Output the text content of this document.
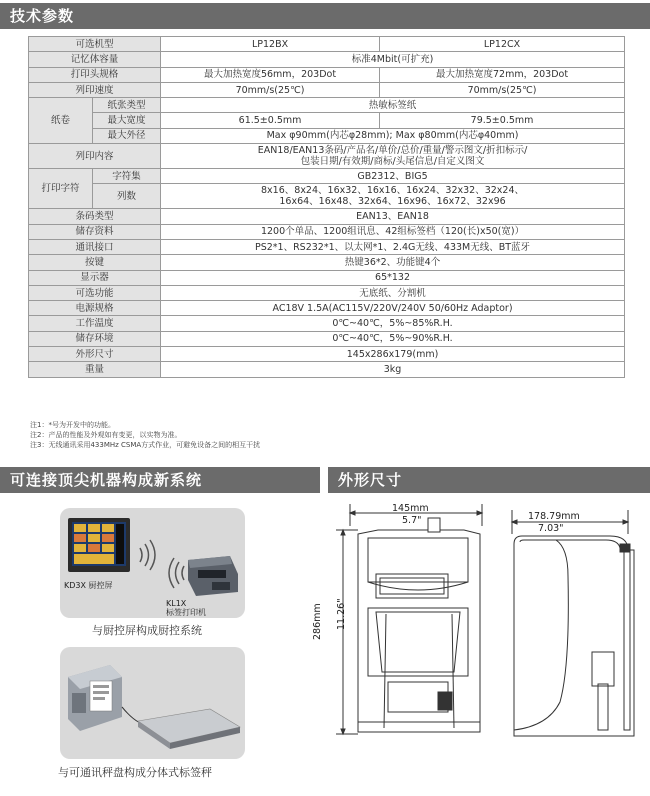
技术参数
可连接顶尖机器构成新系统	外形尺寸
可选机型		LP12BX	LP12CX
记忆体容量		标准4Mbit(可扩充)	
打印头规格		最大加热宽度56mm，203Dot	最大加热宽度72mm，203Dot
列印速度		70mm/s(25℃)	70mm/s(25℃)
纸卷	纸张类型	热敏标签纸	
	最大宽度	61.5±0.5mm	79.5±0.5mm
	最大外径	Max φ90mm(内芯φ28mm); Max φ80mm(内芯φ40mm)	
列印内容		EAN18/EAN13条码/产品名/单价/总价/重量/警示图文/折扣标示/
包装日期/有效期/商标/头尾信息/自定义图文	

打印字符	字符集	GB2312、BIG5	
	列数	8x16、8x24、16x32、16x16、16x24、32x32、32x24、
16x64、16x48、32x64、16x96、16x72、32x96	

条码类型		EAN13、EAN18	
储存资料		1200个单品、1200组讯息、42组标签档（120(长)x50(宽)）	
通讯接口		PS2*1、RS232*1、以太网*1、2.4G无线、433M无线、BT蓝牙	
按键		热键36*2、功能键4个	
显示器		65*132	
可选功能		无底纸、分割机	
电源规格		AC18V 1.5A(AC115V/220V/240V 50/60Hz Adaptor)	
工作温度		0℃~40℃，5%~85%R.H.	
储存环境		0℃~40℃，5%~90%R.H.	
外形尺寸		145x286x179(mm)	
重量		3kg	
注1：*号为开发中的功能。
注2：产品的性能及外观如有变更，以实物为准。
注3：无线通讯采用433MHz CSMA方式作业，可避免设备之间的相互干扰
KD3X 厨控屏
KL1X
标签打印机
与厨控屏构成厨控系统
与可通讯秤盘构成分体式标签秤
145mm
5.7"
286mm 11.26"
178.79mm
7.03"
